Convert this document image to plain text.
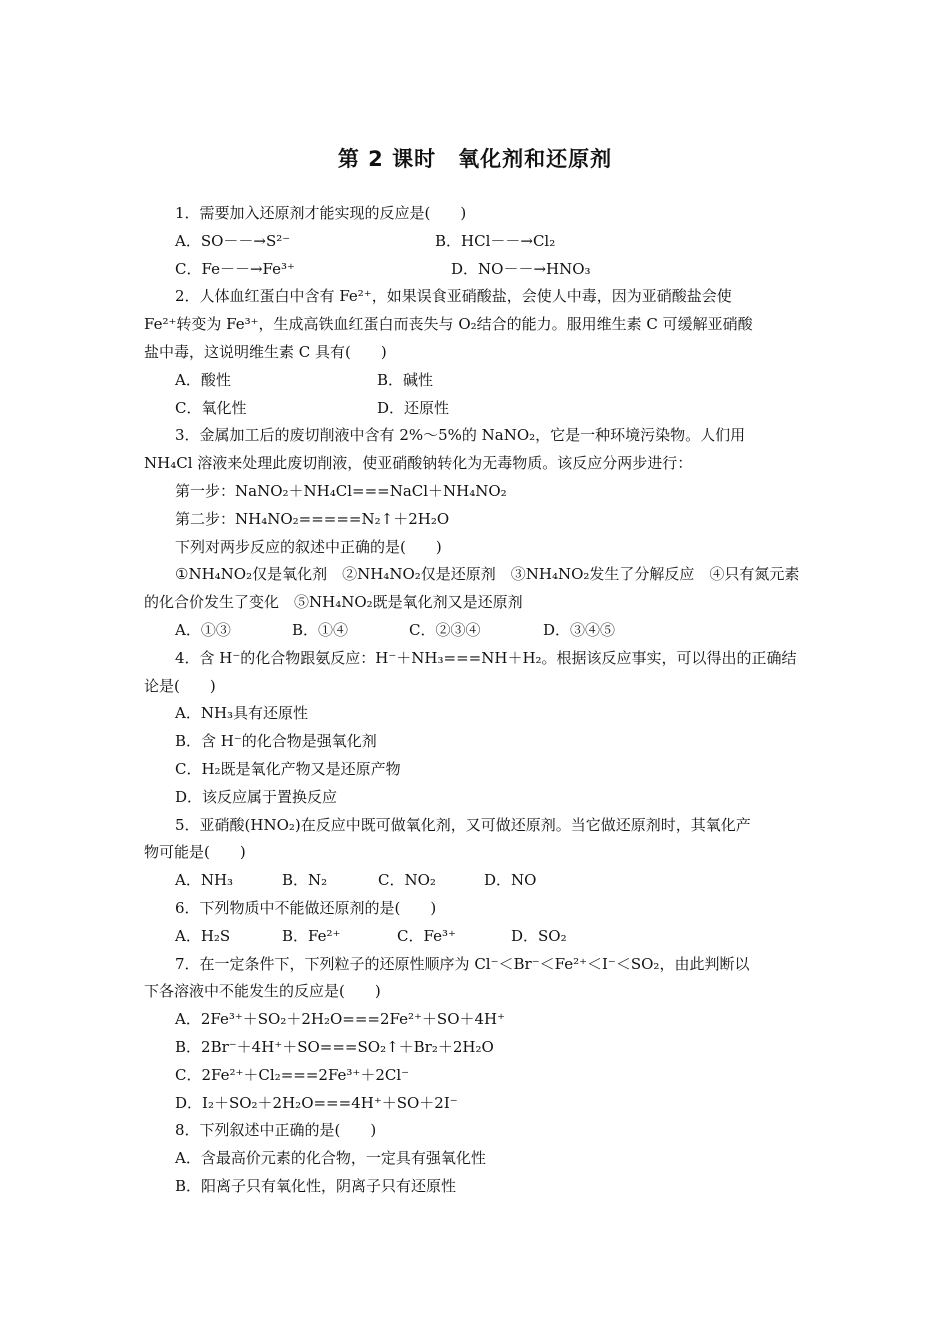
第 2 课时　氧化剂和还原剂
1．需要加入还原剂才能实现的反应是(　　)
A．SO－－→S²⁻	B．HCl－－→Cl₂
C．Fe－－→Fe³⁺	D．NO－－→HNO₃
2．人体血红蛋白中含有 Fe²⁺，如果误食亚硝酸盐，会使人中毒，因为亚硝酸盐会使
Fe²⁺转变为 Fe³⁺，生成高铁血红蛋白而丧失与 O₂结合的能力。服用维生素 C 可缓解亚硝酸
盐中毒，这说明维生素 C 具有(　　)
A．酸性	B．碱性
C．氧化性	D．还原性
3．金属加工后的废切削液中含有 2%～5%的 NaNO₂，它是一种环境污染物。人们用
NH₄Cl 溶液来处理此废切削液，使亚硝酸钠转化为无毒物质。该反应分两步进行：
第一步：NaNO₂＋NH₄Cl===NaCl＋NH₄NO₂
第二步：NH₄NO₂=====N₂↑＋2H₂O
下列对两步反应的叙述中正确的是(　　)
①NH₄NO₂仅是氧化剂　②NH₄NO₂仅是还原剂　③NH₄NO₂发生了分解反应　④只有氮元素
的化合价发生了变化　⑤NH₄NO₂既是氧化剂又是还原剂
A．①③	B．①④	C．②③④	D．③④⑤
4．含 H⁻的化合物跟氨反应：H⁻＋NH₃===NH＋H₂。根据该反应事实，可以得出的正确结
论是(　　)
A．NH₃具有还原性
B．含 H⁻的化合物是强氧化剂
C．H₂既是氧化产物又是还原产物
D．该反应属于置换反应
5．亚硝酸(HNO₂)在反应中既可做氧化剂，又可做还原剂。当它做还原剂时，其氧化产
物可能是(　　)
A．NH₃	B．N₂	C．NO₂	D．NO
6．下列物质中不能做还原剂的是(　　)
A．H₂S	B．Fe²⁺	C．Fe³⁺	D．SO₂
7．在一定条件下，下列粒子的还原性顺序为 Cl⁻＜Br⁻＜Fe²⁺＜I⁻＜SO₂，由此判断以
下各溶液中不能发生的反应是(　　)
A．2Fe³⁺＋SO₂＋2H₂O===2Fe²⁺＋SO＋4H⁺
B．2Br⁻＋4H⁺＋SO===SO₂↑＋Br₂＋2H₂O
C．2Fe²⁺＋Cl₂===2Fe³⁺＋2Cl⁻
D．I₂＋SO₂＋2H₂O===4H⁺＋SO＋2I⁻
8．下列叙述中正确的是(　　)
A．含最高价元素的化合物，一定具有强氧化性
B．阳离子只有氧化性，阴离子只有还原性
